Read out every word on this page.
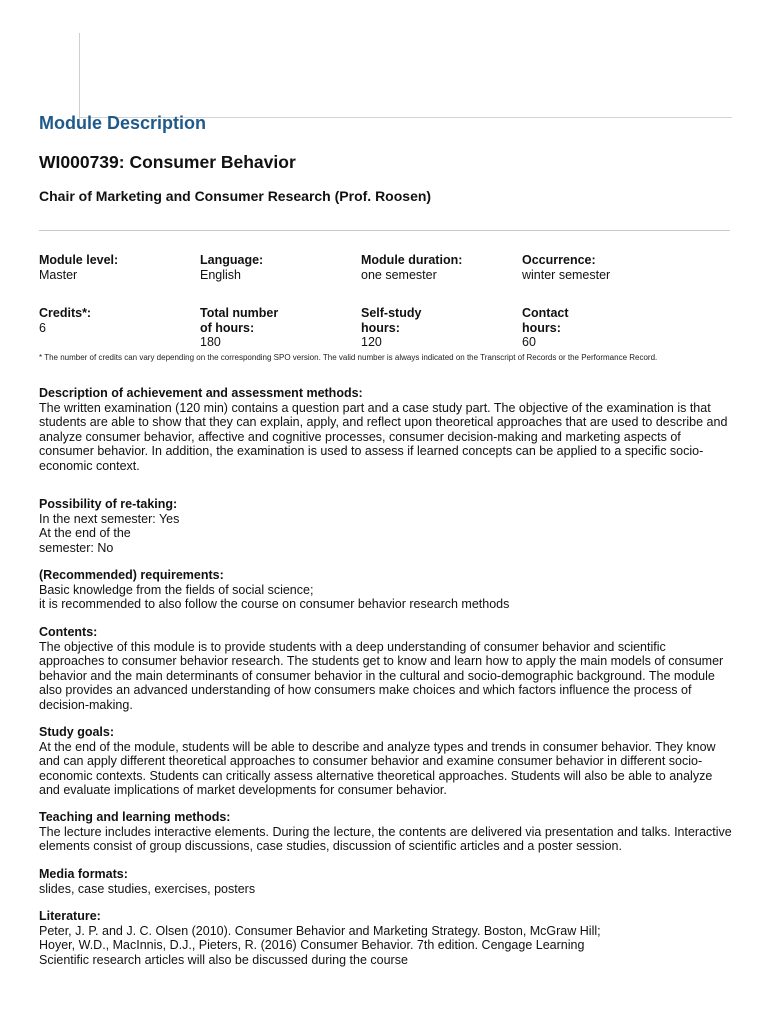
Module Description
WI000739: Consumer Behavior
Chair of Marketing and Consumer Research (Prof. Roosen)
Module level:
Master
Language:
English
Module duration:
one semester
Occurrence:
winter semester
Credits*:
6
Total number
of hours:
180
Self-study
hours:
120
Contact
hours:
60
* The number of credits can vary depending on the corresponding SPO version. The valid number is always indicated on the Transcript of Records or the Performance Record.
Description of achievement and assessment methods:
The written examination (120 min) contains a question part and a case study part. The objective of the examination is that students are able to show that they can explain, apply, and reflect upon theoretical approaches that are used to describe and analyze consumer behavior, affective and cognitive processes, consumer decision-making and marketing aspects of consumer behavior. In addition, the examination is used to assess if learned concepts can be applied to a specific socio-economic context.
Possibility of re-taking:
In the next semester: Yes
At the end of the
semester: No
(Recommended) requirements:
Basic knowledge from the fields of social science;
it is recommended to also follow the course on consumer behavior research methods
Contents:
The objective of this module is to provide students with a deep understanding of consumer behavior and scientific approaches to consumer behavior research. The students get to know and learn how to apply the main models of consumer behavior and the main determinants of consumer behavior in the cultural and socio-demographic background. The module also provides an advanced understanding of how consumers make choices and which factors influence the process of decision-making.
Study goals:
At the end of the module, students will be able to describe and analyze types and trends in consumer behavior. They know and can apply different theoretical approaches to consumer behavior and examine consumer behavior in different socio-economic contexts. Students can critically assess alternative theoretical approaches. Students will also be able to analyze and evaluate implications of market developments for consumer behavior.
Teaching and learning methods:
The lecture includes interactive elements. During the lecture, the contents are delivered via presentation and talks. Interactive elements consist of group discussions, case studies, discussion of scientific articles and a poster session.
Media formats:
slides, case studies, exercises, posters
Literature:
Peter, J. P. and J. C. Olsen (2010). Consumer Behavior and Marketing Strategy. Boston, McGraw Hill;
Hoyer, W.D., MacInnis, D.J., Pieters, R. (2016) Consumer Behavior. 7th edition. Cengage Learning
Scientific research articles will also be discussed during the course
